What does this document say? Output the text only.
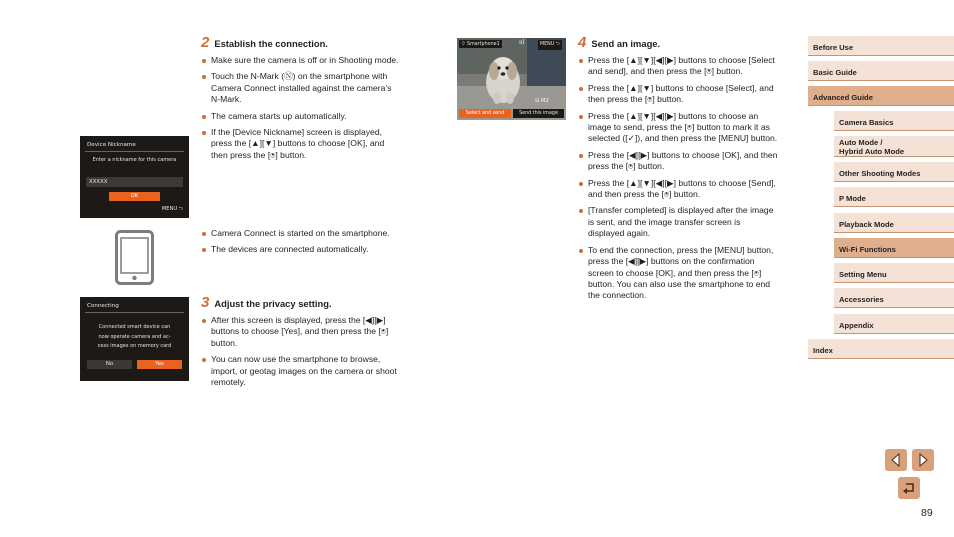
2 Establish the connection.
Make sure the camera is off or in Shooting mode.
Touch the N-Mark (Ⓝ) on the smartphone with Camera Connect installed against the camera’s N-Mark.
The camera starts up automatically.
If the [Device Nickname] screen is displayed, press the [▲][▼] buttons to choose [OK], and then press the [⍟] button.
Camera Connect is started on the smartphone.
The devices are connected automatically.
3 Adjust the privacy setting.
After this screen is displayed, press the [◀][▶] buttons to choose [Yes], and then press the [⍟] button.
You can now use the smartphone to browse, import, or geotag images on the camera or shoot remotely.
4 Send an image.
Press the [▲][▼][◀][▶] buttons to choose [Select and send], and then press the [⍟] button.
Press the [▲][▼] buttons to choose [Select], and then press the [⍟] button.
Press the [▲][▼][◀][▶] buttons to choose an image to send, press the [⍟] button to mark it as selected ([✓]), and then press the [MENU] button.
Press the [◀][▶] buttons to choose [OK], and then press the [⍟] button.
Press the [▲][▼][◀][▶] buttons to choose [Send], and then press the [⍟] button.
[Transfer completed] is displayed after the image is sent, and the image transfer screen is displayed again.
To end the connection, press the [MENU] button, press the [◀][▶] buttons on the confirmation screen to choose [OK], and then press the [⍟] button. You can also use the smartphone to end the connection.
Device Nickname
Enter a nickname for this camera
XXXXX
OK
MENU ⮌
Connecting
Connected smart device can
now operate camera and ac-
cess images on memory card
No	Yes
⌔ Smartphone1	⁞ıl	MENU ⮌
⊟ M2
Select and send	Send this image
Before Use
Basic Guide
Advanced Guide
Camera Basics
Auto Mode /
Hybrid Auto Mode
Other Shooting Modes
P Mode
Playback Mode
Wi-Fi Functions
Setting Menu
Accessories
Appendix
Index
89
